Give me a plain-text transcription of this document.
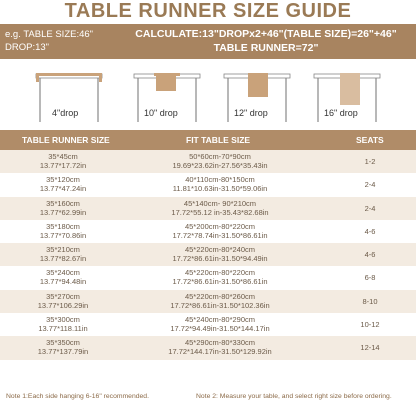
TABLE RUNNER SIZE GUIDE
e.g. TABLE SIZE:46"
DROP:13"
CALCULATE:13"DROPx2+46"(TABLE SIZE)=26"+46"
TABLE RUNNER=72"
4"drop	10" drop	12" drop	16" drop
TABLE RUNNER SIZE	FIT TABLE SIZE	SEATS
35*45cm
13.77*17.72in
50*60cm-70*90cm
19.69*23.62in-27.56*35.43in	1-2
35*120cm
13.77*47.24in
40*110cm-80*150cm
11.81*10.63in-31.50*59.06in	2-4
35*160cm
13.77*62.99in
45*140cm- 90*210cm
17.72*55.12 in-35.43*82.68in	2-4
35*180cm
13.77*70.86in
45*200cm-80*220cm
17.72*78.74in-31.50*86.61in	4-6
35*210cm
13.77*82.67in
45*220cm-80*240cm
17.72*86.61in-31.50*94.49in	4-6
35*240cm
13.77*94.48in
45*220cm-80*220cm
17.72*86.61in-31.50*86.61in	6-8
35*270cm
13.77*106.29in
45*220cm-80*260cm
17.72*86.61in-31.50*102.36in	8-10
35*300cm
13.77*118.11in
45*240cm-80*290cm
17.72*94.49in-31.50*144.17in	10-12
35*350cm
13.77*137.79in
45*290cm-80*330cm
17.72*144.17in-31.50*129.92in	12-14
Note 1:Each side hanging 6-16" recommended.	Note 2: Measure your table, and select right size before ordering.
